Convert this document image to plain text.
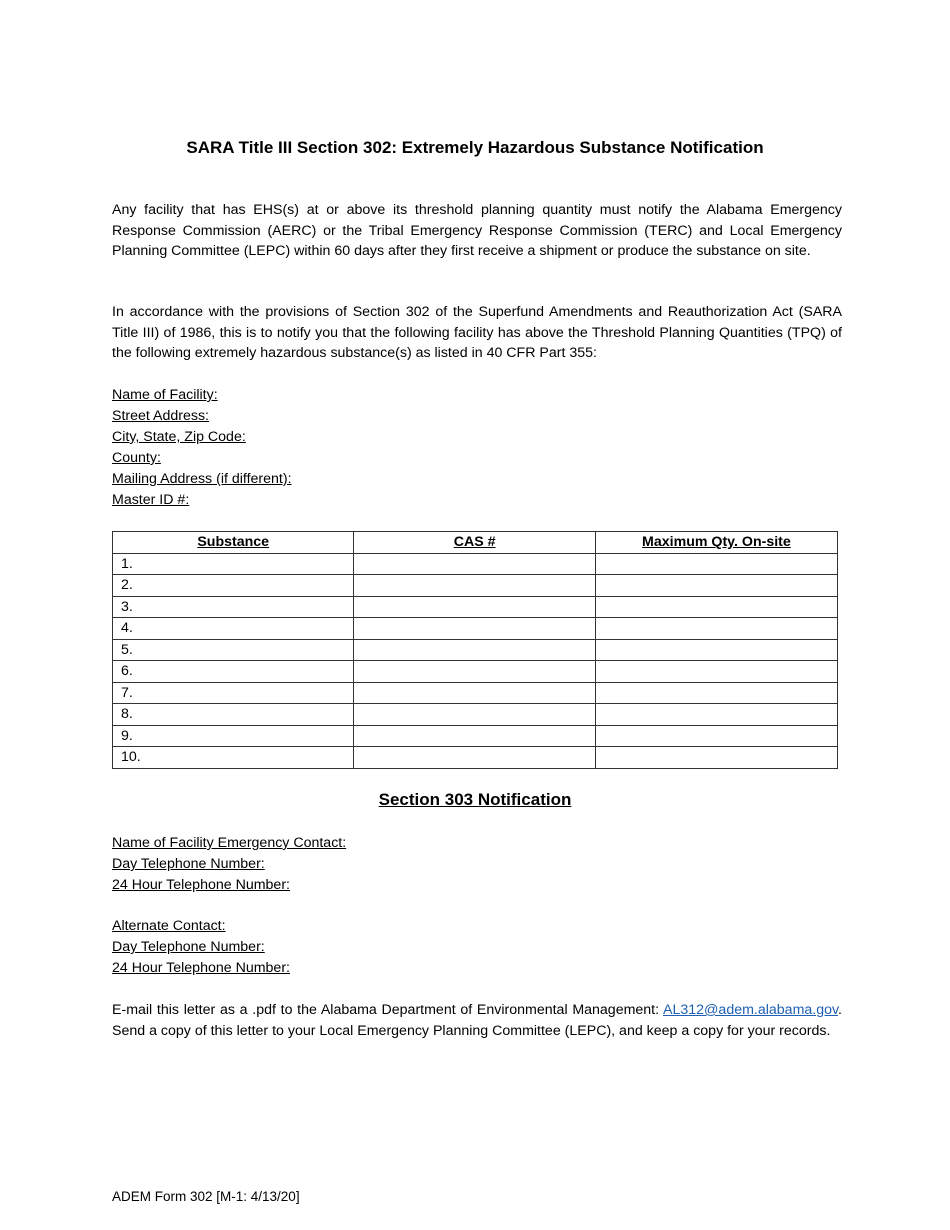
SARA Title III Section 302: Extremely Hazardous Substance Notification
Any facility that has EHS(s) at or above its threshold planning quantity must notify the Alabama Emergency Response Commission (AERC) or the Tribal Emergency Response Commission (TERC) and Local Emergency Planning Committee (LEPC) within 60 days after they first receive a shipment or produce the substance on site.
In accordance with the provisions of Section 302 of the Superfund Amendments and Reauthorization Act (SARA Title III) of 1986, this is to notify you that the following facility has above the Threshold Planning Quantities (TPQ) of the following extremely hazardous substance(s) as listed in 40 CFR Part 355:
Name of Facility:
Street Address:
City, State, Zip Code:
County:
Mailing Address (if different):
Master ID #:
Substance	CAS #	Maximum Qty. On-site
1.		
2.		
3.		
4.		
5.		
6.		
7.		
8.		
9.		
10.		
Section 303 Notification
Name of Facility Emergency Contact:
Day Telephone Number:
24 Hour Telephone Number:
Alternate Contact:
Day Telephone Number:
24 Hour Telephone Number:
E-mail this letter as a .pdf to the Alabama Department of Environmental Management: AL312@adem.alabama.gov. Send a copy of this letter to your Local Emergency Planning Committee (LEPC), and keep a copy for your records.
ADEM Form 302 [M-1: 4/13/20]
